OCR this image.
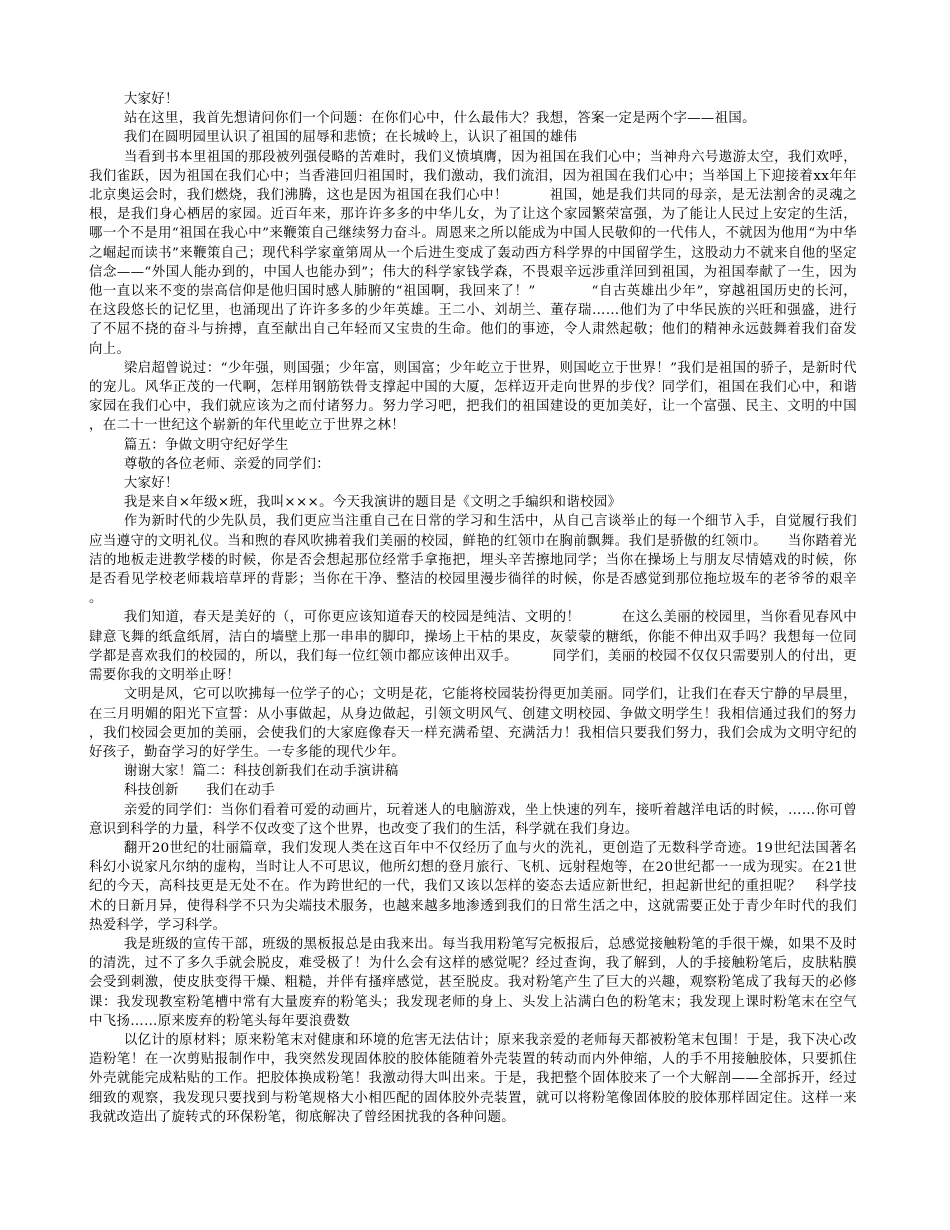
大家好！

站在这里，我首先想请问你们一个问题：在你们心中，什么最伟大？我想，答案一定是两个字——祖国。

我们在圆明园里认识了祖国的屈辱和悲愤；在长城岭上，认识了祖国的雄伟

当看到书本里祖国的那段被列强侵略的苦难时，我们义愤填膺，因为祖国在我们心中；当神舟六号遨游太空，我们欢呼，我们雀跃，因为祖国在我们心中；当香港回归祖国时，我们激动，我们流泪，因为祖国在我们心中；当举国上下迎接着xx年年北京奥运会时，我们燃烧，我们沸腾，这也是因为祖国在我们心中！　　　祖国，她是我们共同的母亲，是无法割舍的灵魂之根，是我们身心栖居的家园。近百年来，那许许多多的中华儿女，为了让这个家园繁荣富强，为了能让人民过上安定的生活，哪一个不是用“祖国在我心中”来鞭策自己继续努力奋斗。周恩来之所以能成为中国人民敬仰的一代伟人，不就因为他用“为中华之崛起而读书”来鞭策自己；现代科学家童第周从一个后进生变成了轰动西方科学界的中国留学生，这股动力不就来自他的坚定信念——“外国人能办到的，中国人也能办到”；伟大的科学家钱学森，不畏艰辛远涉重洋回到祖国，为祖国奉献了一生，因为他一直以来不变的崇高信仰是他归国时感人肺腑的“祖国啊，我回来了！”　　　　“自古英雄出少年”，穿越祖国历史的长河，在这段悠长的记忆里，也涌现出了许许多多的少年英雄。王二小、刘胡兰、董存瑞……他们为了中华民族的兴旺和强盛，进行了不屈不挠的奋斗与拚搏，直至献出自己年轻而又宝贵的生命。他们的事迹，令人肃然起敬；他们的精神永远鼓舞着我们奋发向上。

梁启超曾说过：“少年强，则国强；少年富，则国富；少年屹立于世界，则国屹立于世界！”我们是祖国的骄子，是新时代的宠儿。风华正茂的一代啊，怎样用钢筋铁骨支撑起中国的大厦，怎样迈开走向世界的步伐？同学们，祖国在我们心中，和谐家园在我们心中，我们就应该为之而付诸努力。努力学习吧，把我们的祖国建设的更加美好，让一个富强、民主、文明的中国，在二十一世纪这个崭新的年代里屹立于世界之林！

篇五：争做文明守纪好学生

尊敬的各位老师、亲爱的同学们：

大家好！

我是来自×年级×班，我叫×××。今天我演讲的题目是《文明之手编织和谐校园》

作为新时代的少先队员，我们更应当注重自己在日常的学习和生活中，从自己言谈举止的每一个细节入手，自觉履行我们应当遵守的文明礼仪。当和煦的春风吹拂着我们美丽的校园，鲜艳的红领巾在胸前飘舞。我们是骄傲的红领巾。　　当你踏着光洁的地板走进教学楼的时候，你是否会想起那位经常手拿拖把，埋头辛苦擦地同学；当你在操场上与朋友尽情嬉戏的时候，你是否看见学校老师栽培草坪的背影；当你在干净、整洁的校园里漫步徜徉的时候，你是否感觉到那位拖垃圾车的老爷爷的艰辛。

我们知道，春天是美好的（，可你更应该知道春天的校园是纯洁、文明的！　　　在这么美丽的校园里，当你看见春风中肆意飞舞的纸盒纸屑，洁白的墙壁上那一串串的脚印，操场上干枯的果皮，灰蒙蒙的糖纸，你能不伸出双手吗？我想每一位同学都是喜欢我们的校园的，所以，我们每一位红领巾都应该伸出双手。　　　同学们，美丽的校园不仅仅只需要别人的付出，更需要你我的文明举止呀！

文明是风，它可以吹拂每一位学子的心；文明是花，它能将校园装扮得更加美丽。同学们，让我们在春天宁静的早晨里，在三月明媚的阳光下宣誓：从小事做起，从身边做起，引领文明风气、创建文明校园、争做文明学生！我相信通过我们的努力，我们校园会更加的美丽，会使我们的大家庭像春天一样充满希望、充满活力！我相信只要我们努力，我们会成为文明守纪的好孩子，勤奋学习的好学生。一专多能的现代少年。

谢谢大家！篇二：科技创新我们在动手演讲稿

科技创新　　我们在动手

亲爱的同学们：当你们看着可爱的动画片，玩着迷人的电脑游戏，坐上快速的列车，接听着越洋电话的时候，……你可曾意识到科学的力量，科学不仅改变了这个世界，也改变了我们的生活，科学就在我们身边。

翻开20世纪的壮丽篇章，我们发现人类在这百年中不仅经历了血与火的洗礼，更创造了无数科学奇迹。19世纪法国著名科幻小说家凡尔纳的虚构，当时让人不可思议，他所幻想的登月旅行、飞机、远射程炮等，在20世纪都一一成为现实。在21世纪的今天，高科技更是无处不在。作为跨世纪的一代，我们又该以怎样的姿态去适应新世纪，担起新世纪的重担呢？　科学技术的日新月异，使得科学不只为尖端技术服务，也越来越多地渗透到我们的日常生活之中，这就需要正处于青少年时代的我们热爱科学，学习科学。

我是班级的宣传干部，班级的黑板报总是由我来出。每当我用粉笔写完板报后，总感觉接触粉笔的手很干燥，如果不及时的清洗，过不了多久手就会脱皮，难受极了！为什么会有这样的感觉呢？经过查询，我了解到，人的手接触粉笔后，皮肤粘膜会受到刺激，使皮肤变得干燥、粗糙，并伴有搔痒感觉，甚至脱皮。我对粉笔产生了巨大的兴趣，观察粉笔成了我每天的必修课：我发现教室粉笔槽中常有大量废弃的粉笔头；我发现老师的身上、头发上沾满白色的粉笔末；我发现上课时粉笔末在空气中飞扬……原来废弃的粉笔头每年要浪费数

以亿计的原材料；原来粉笔末对健康和环境的危害无法估计；原来我亲爱的老师每天都被粉笔末包围！于是，我下决心改造粉笔！在一次剪贴报制作中，我突然发现固体胶的胶体能随着外壳装置的转动而内外伸缩，人的手不用接触胶体，只要抓住外壳就能完成粘贴的工作。把胶体换成粉笔！我激动得大叫出来。于是，我把整个固体胶来了一个大解剖——全部拆开，经过细致的观察，我发现只要找到与粉笔规格大小相匹配的固体胶外壳装置，就可以将粉笔像固体胶的胶体那样固定住。这样一来我就改造出了旋转式的环保粉笔，彻底解决了曾经困扰我的各种问题。
